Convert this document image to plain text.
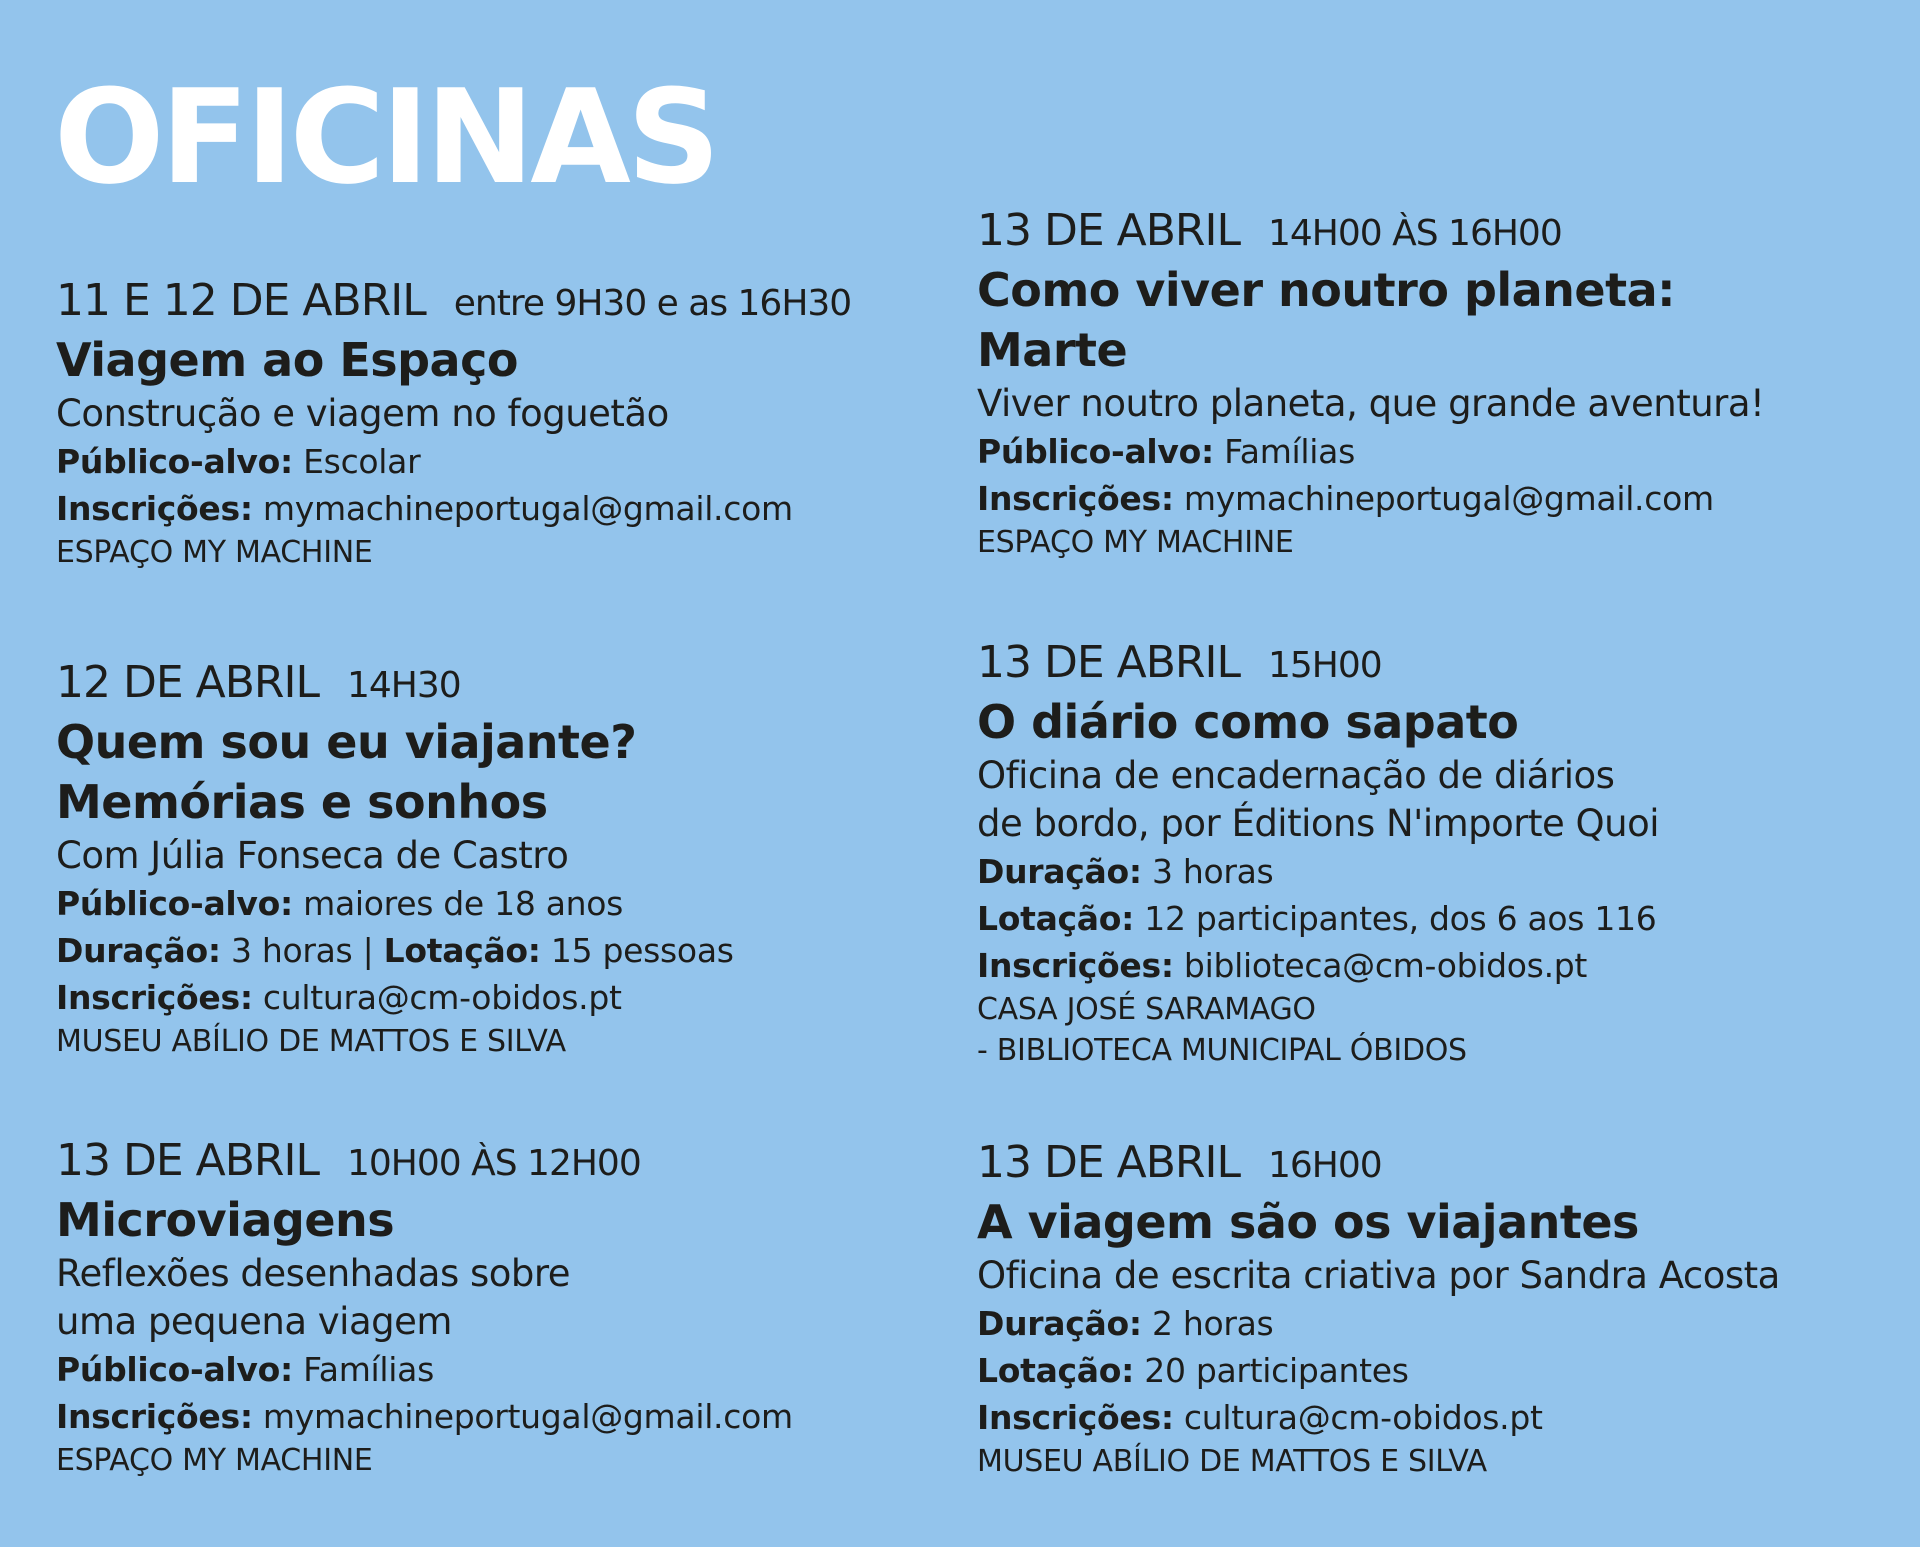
OFICINAS
11 E 12 DE ABRIL entre 9H30 e as 16H30
Viagem ao Espaço
Construção e viagem no foguetão
Público-alvo: Escolar
Inscrições: mymachineportugal@gmail.com
ESPAÇO MY MACHINE
12 DE ABRIL 14H30
Quem sou eu viajante?
Memórias e sonhos
Com Júlia Fonseca de Castro
Público-alvo: maiores de 18 anos
Duração: 3 horas | Lotação: 15 pessoas
Inscrições: cultura@cm-obidos.pt
MUSEU ABÍLIO DE MATTOS E SILVA
13 DE ABRIL 10H00 ÀS 12H00
Microviagens
Reflexões desenhadas sobre
uma pequena viagem
Público-alvo: Famílias
Inscrições: mymachineportugal@gmail.com
ESPAÇO MY MACHINE
13 DE ABRIL 14H00 ÀS 16H00
Como viver noutro planeta:
Marte
Viver noutro planeta, que grande aventura!
Público-alvo: Famílias
Inscrições: mymachineportugal@gmail.com
ESPAÇO MY MACHINE
13 DE ABRIL 15H00
O diário como sapato
Oficina de encadernação de diários
de bordo, por Éditions N'importe Quoi
Duração: 3 horas
Lotação: 12 participantes, dos 6 aos 116
Inscrições: biblioteca@cm-obidos.pt
CASA JOSÉ SARAMAGO
- BIBLIOTECA MUNICIPAL ÓBIDOS
13 DE ABRIL 16H00
A viagem são os viajantes
Oficina de escrita criativa por Sandra Acosta
Duração: 2 horas
Lotação: 20 participantes
Inscrições: cultura@cm-obidos.pt
MUSEU ABÍLIO DE MATTOS E SILVA
